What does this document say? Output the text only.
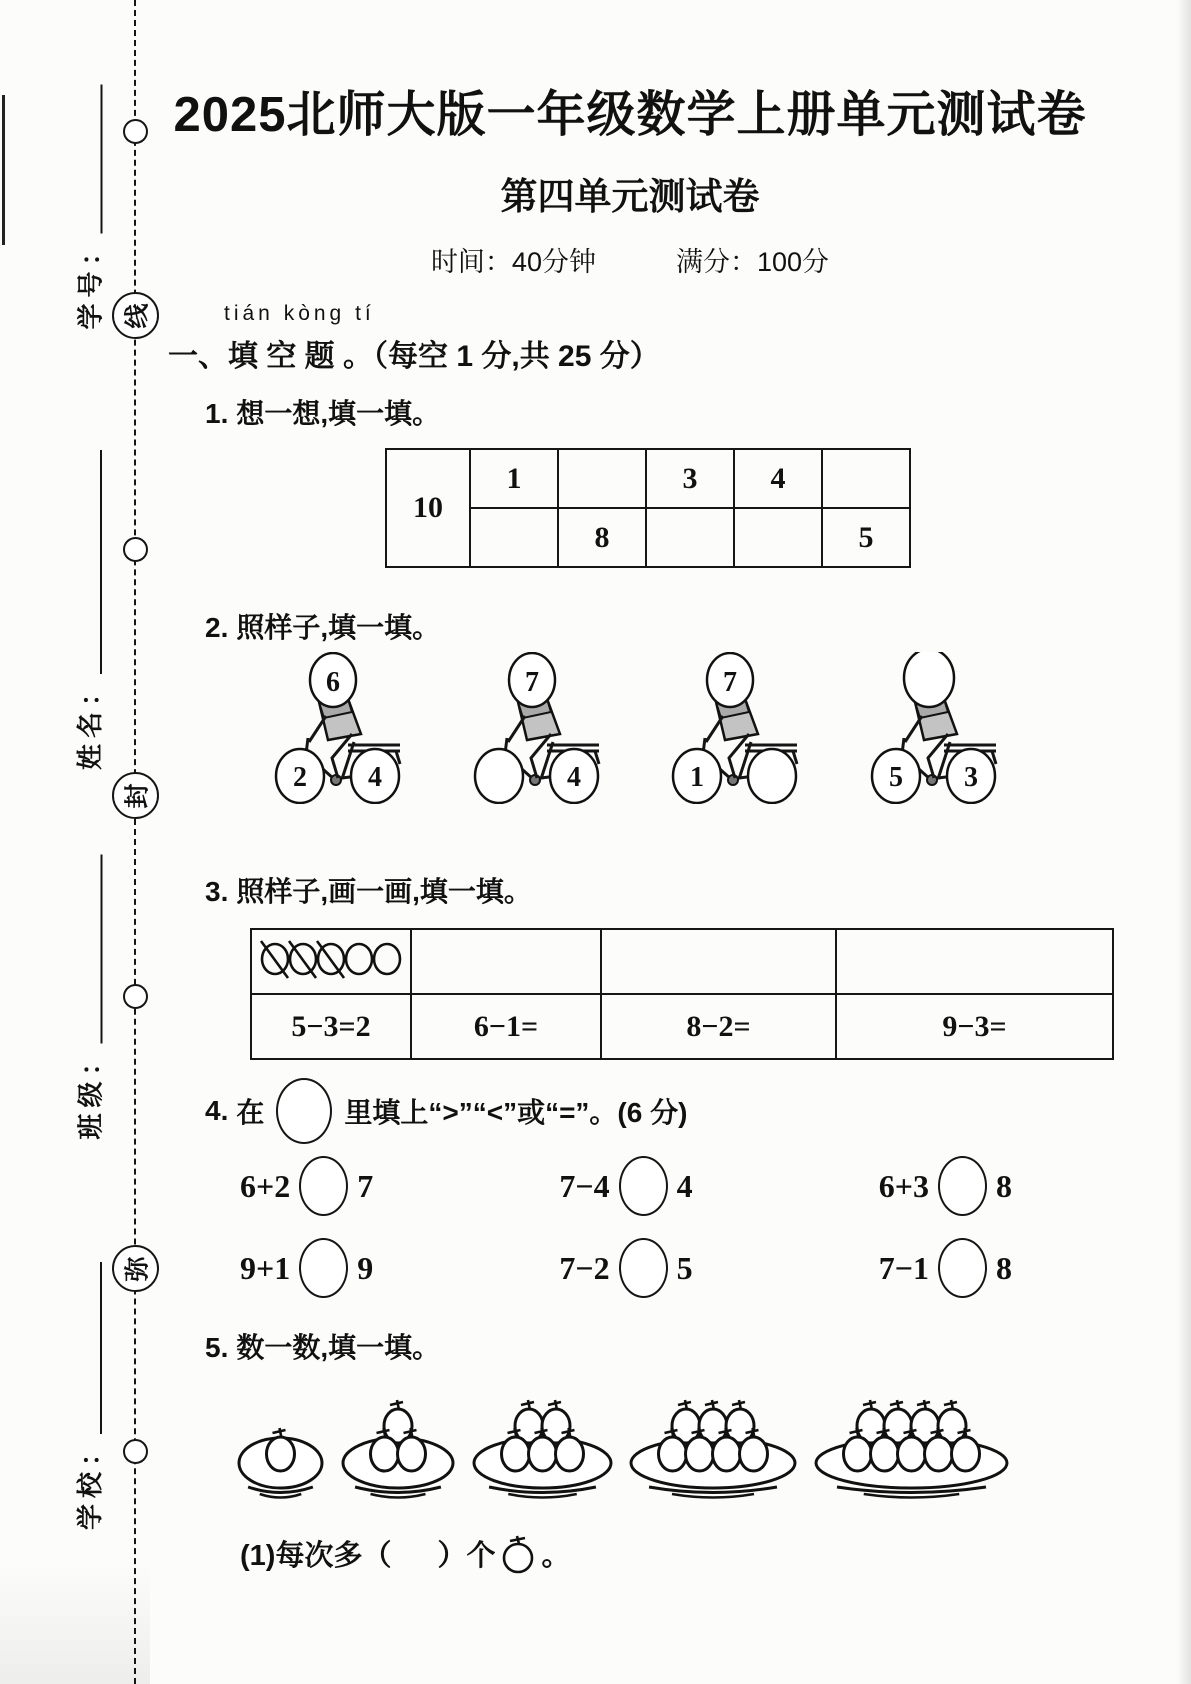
线
封
弥
学号：
姓名：
班级：
学校：
2025北师大版一年级数学上册单元测试卷
第四单元测试卷
时间：40分钟	满分：100分
tián kòng tí
一、填 空 题 。（每空 1 分,共 25 分）
1. 想一想,填一填。
10	1		3	4	
		8			5
2. 照样子,填一填。
6
2 4
7
4
7
1	5 3
3. 照样子,画一画,填一填。

5−3=2	6−1=	8−2=	9−3=
4. 在	里填上“>”“<”或“=”。(6 分)
6+2 7	7−4 4	6+3 8
9+1 9	7−2 5	7−1 8
5. 数一数,填一填。
(1)每次多（ ）个 。
